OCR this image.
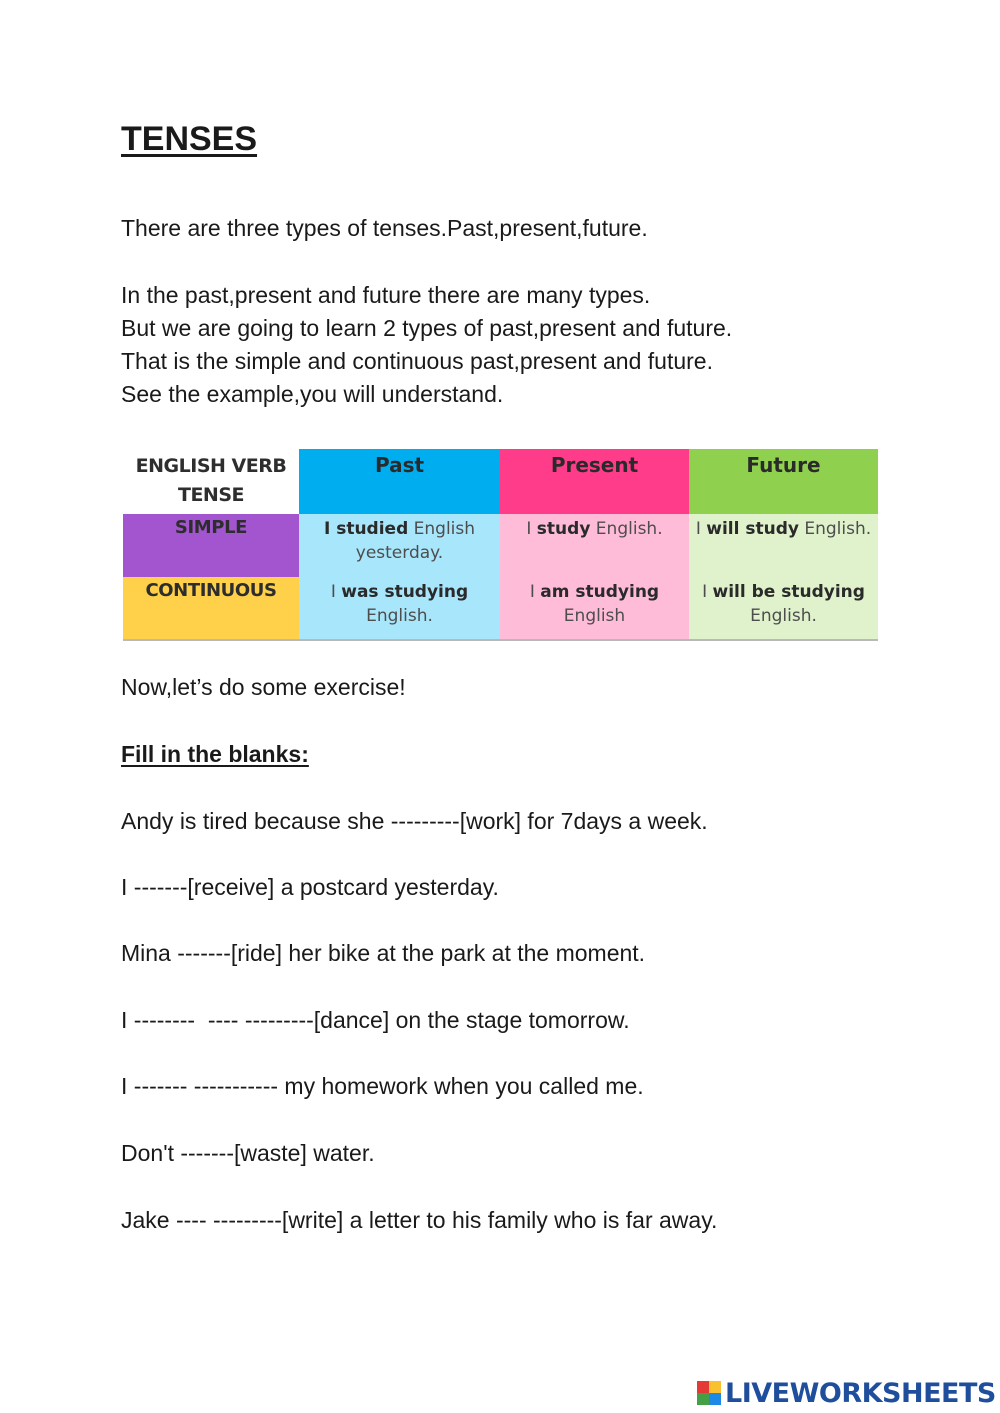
TENSES

There are three types of tenses.Past,present,future.

In the past,present and future there are many types.

But we are going to learn 2 types of past,present and future.

That is the simple and continuous past,present and future.

See the example,you will understand.

ENGLISH VERB
TENSE	Past	Present	Future
SIMPLE	I studied English yesterday.	I study English.	I will study English.
CONTINUOUS	I was studying English.	I am studying English	I will be studying English.

Now,let’s do some exercise!

Fill in the blanks:

Andy is tired because she ---------[work] for 7days a week.

I -------[receive] a postcard yesterday.

Mina -------[ride] her bike at the park at the moment.

I --------  ---- ---------[dance] on the stage tomorrow.

I ------- ----------- my homework when you called me.

Don't -------[waste] water.

Jake ---- ---------[write] a letter to his family who is far away.

LIVEWORKSHEETS
